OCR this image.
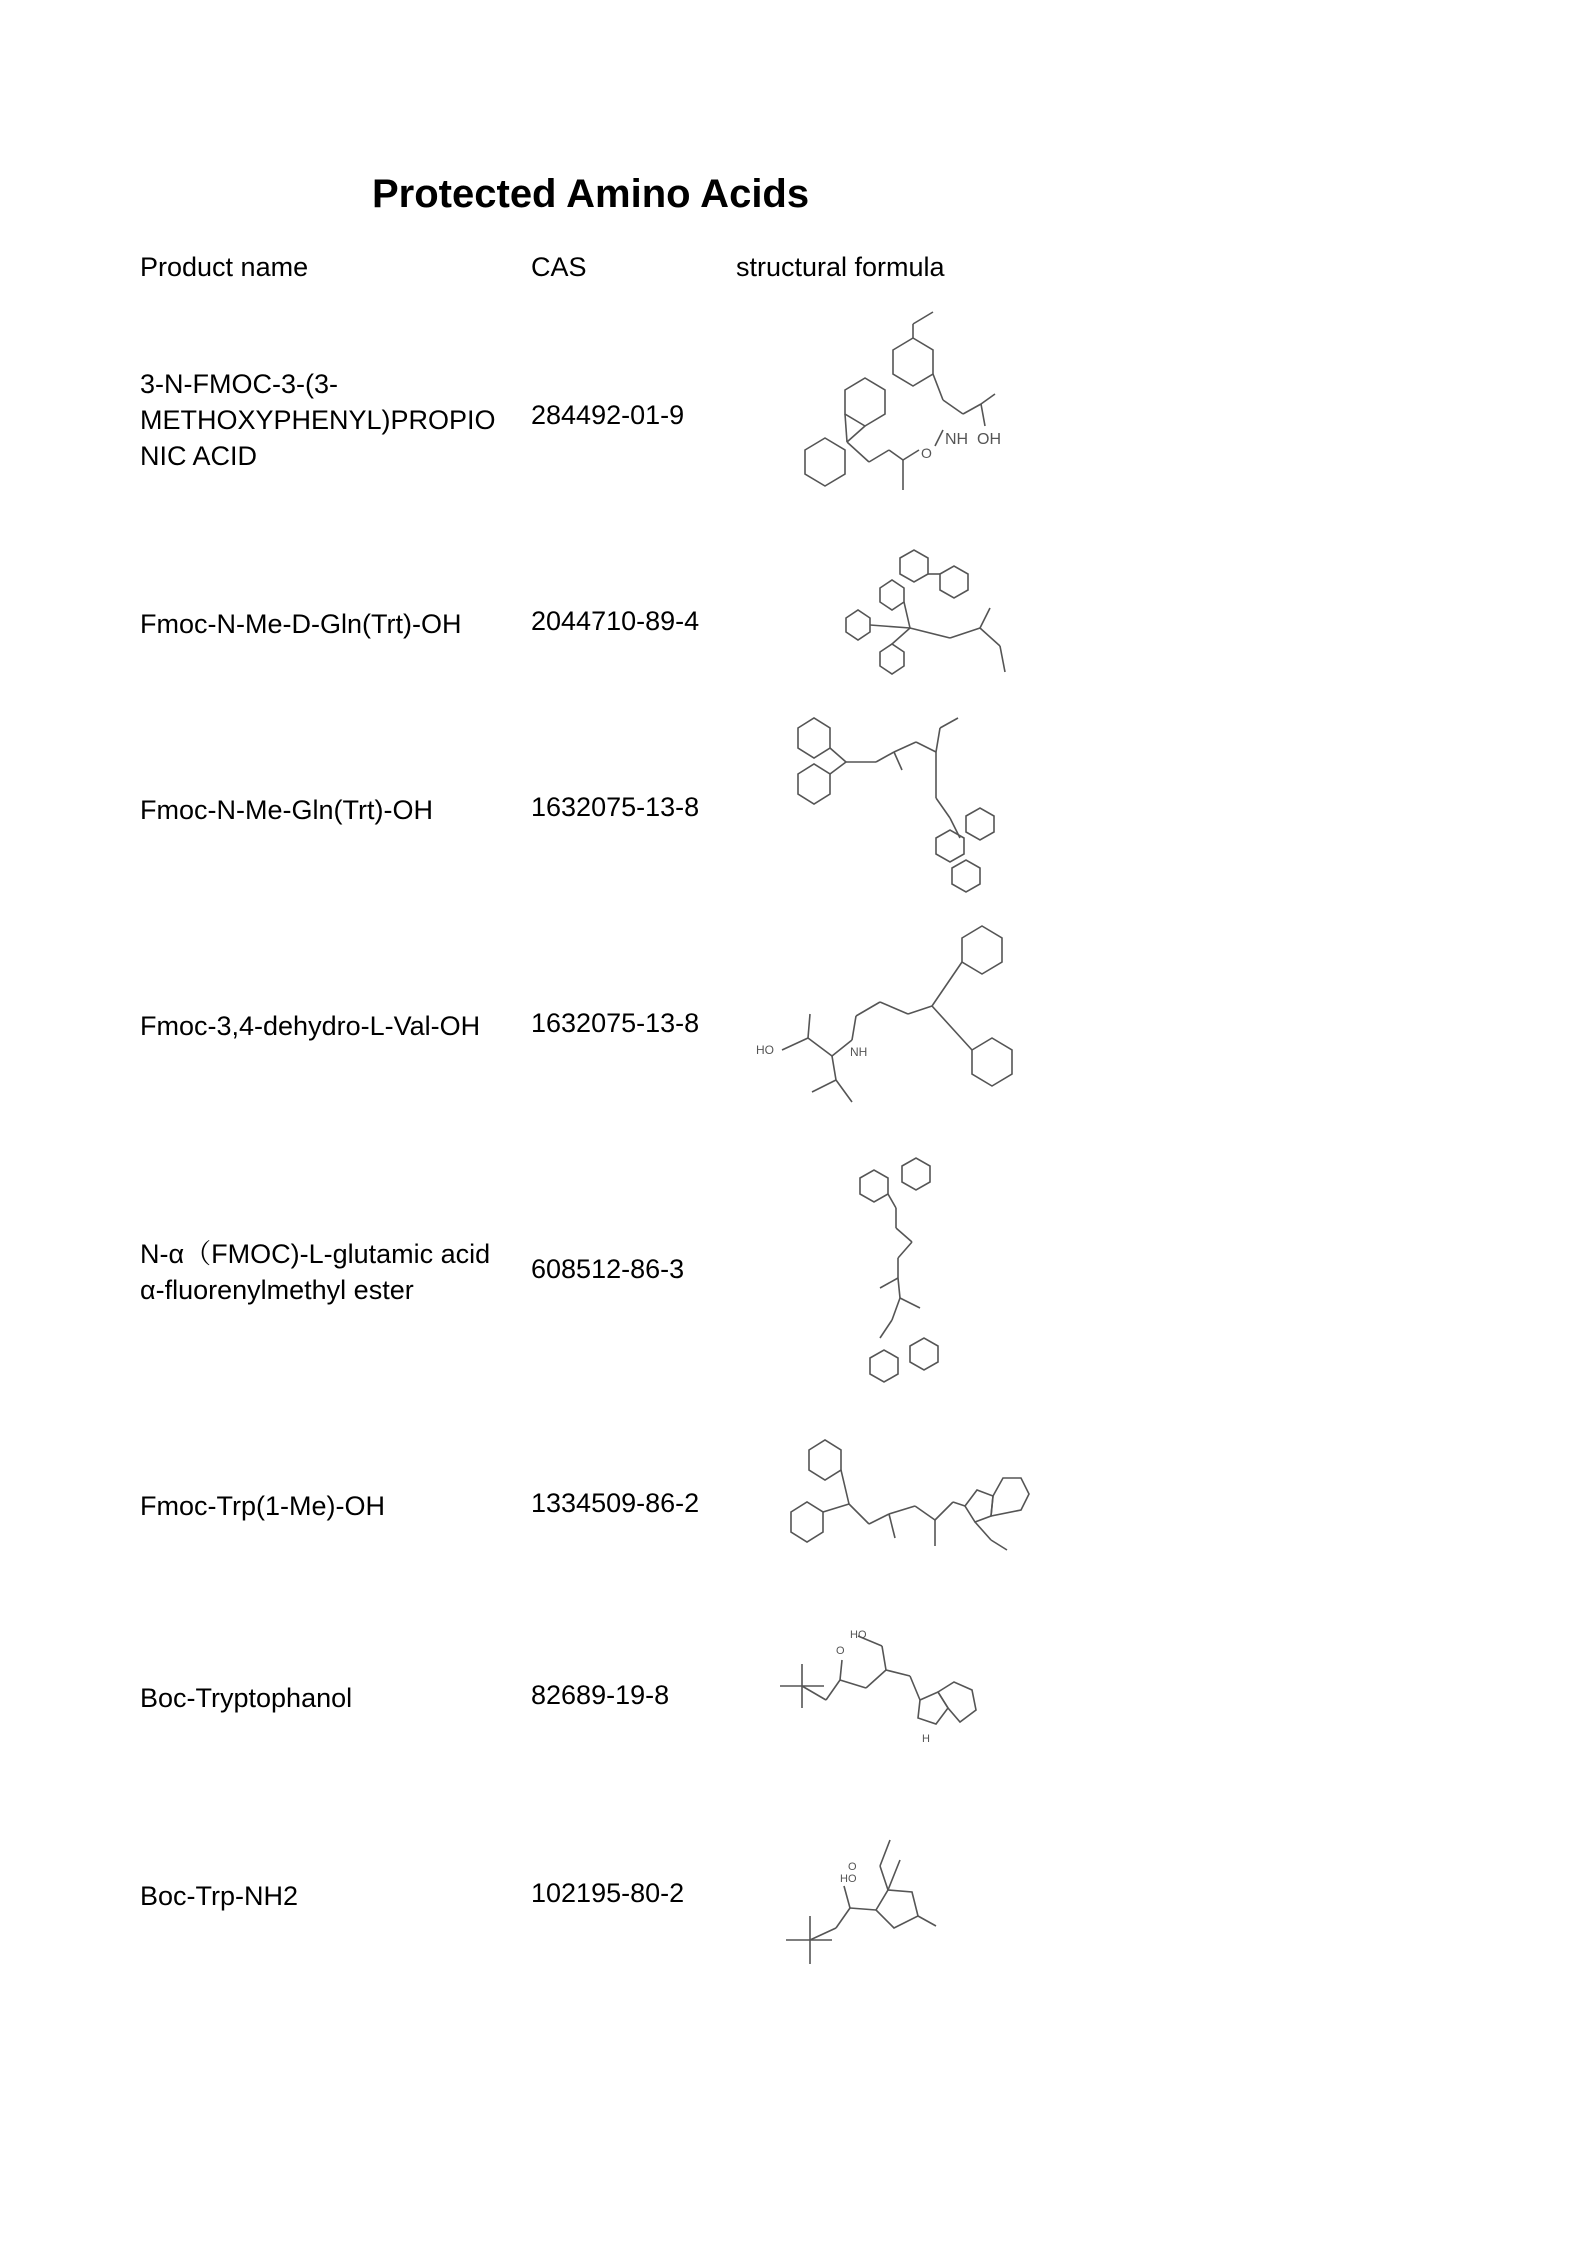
Protected Amino Acids
Product name	CAS	structural formula
3-N-FMOC-3-(3-
METHOXYPHENYL)PROPIO
NIC ACID
284492-01-9
O
NH OH
Fmoc-N-Me-D-Gln(Trt)-OH	2044710-89-4
Fmoc-N-Me-Gln(Trt)-OH	1632075-13-8
Fmoc-3,4-dehydro-L-Val-OH	1632075-13-8
HO	NH
N-α（FMOC)-L-glutamic acid
α-fluorenylmethyl ester
608512-86-3
Fmoc-Trp(1-Me)-OH	1334509-86-2
Boc-Tryptophanol	82689-19-8
O
HO
H
Boc-Trp-NH2	102195-80-2
O
HO
